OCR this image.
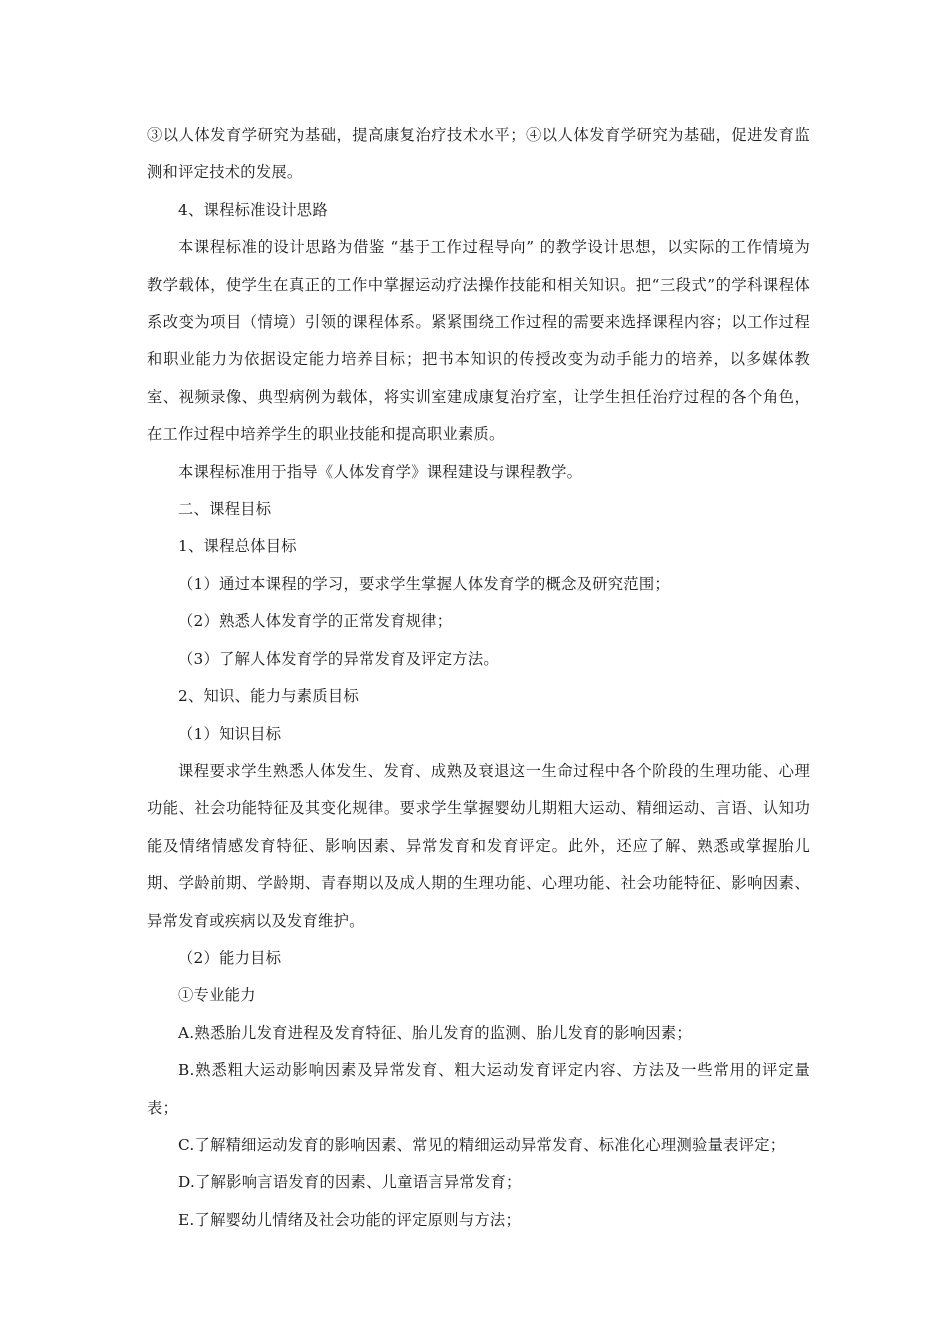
③以人体发育学研究为基础，提高康复治疗技术水平；④以人体发育学研究为基础，促进发育监测和评定技术的发展。

4、课程标准设计思路

本课程标准的设计思路为借鉴 “基于工作过程导向” 的教学设计思想，以实际的工作情境为教学载体，使学生在真正的工作中掌握运动疗法操作技能和相关知识。把“三段式”的学科课程体系改变为项目（情境）引领的课程体系。紧紧围绕工作过程的需要来选择课程内容；以工作过程和职业能力为依据设定能力培养目标；把书本知识的传授改变为动手能力的培养，以多媒体教室、视频录像、典型病例为载体，将实训室建成康复治疗室，让学生担任治疗过程的各个角色，在工作过程中培养学生的职业技能和提高职业素质。

本课程标准用于指导《人体发育学》课程建设与课程教学。

二、课程目标

1、课程总体目标

（1）通过本课程的学习，要求学生掌握人体发育学的概念及研究范围；

（2）熟悉人体发育学的正常发育规律；

（3）了解人体发育学的异常发育及评定方法。

2、知识、能力与素质目标

（1）知识目标

课程要求学生熟悉人体发生、发育、成熟及衰退这一生命过程中各个阶段的生理功能、心理功能、社会功能特征及其变化规律。要求学生掌握婴幼儿期粗大运动、精细运动、言语、认知功能及情绪情感发育特征、影响因素、异常发育和发育评定。此外，还应了解、熟悉或掌握胎儿期、学龄前期、学龄期、青春期以及成人期的生理功能、心理功能、社会功能特征、影响因素、异常发育或疾病以及发育维护。

（2）能力目标

①专业能力

A.熟悉胎儿发育进程及发育特征、胎儿发育的监测、胎儿发育的影响因素；

B.熟悉粗大运动影响因素及异常发育、粗大运动发育评定内容、方法及一些常用的评定量表；

C.了解精细运动发育的影响因素、常见的精细运动异常发育、标准化心理测验量表评定；

D.了解影响言语发育的因素、儿童语言异常发育；

E.了解婴幼儿情绪及社会功能的评定原则与方法；
